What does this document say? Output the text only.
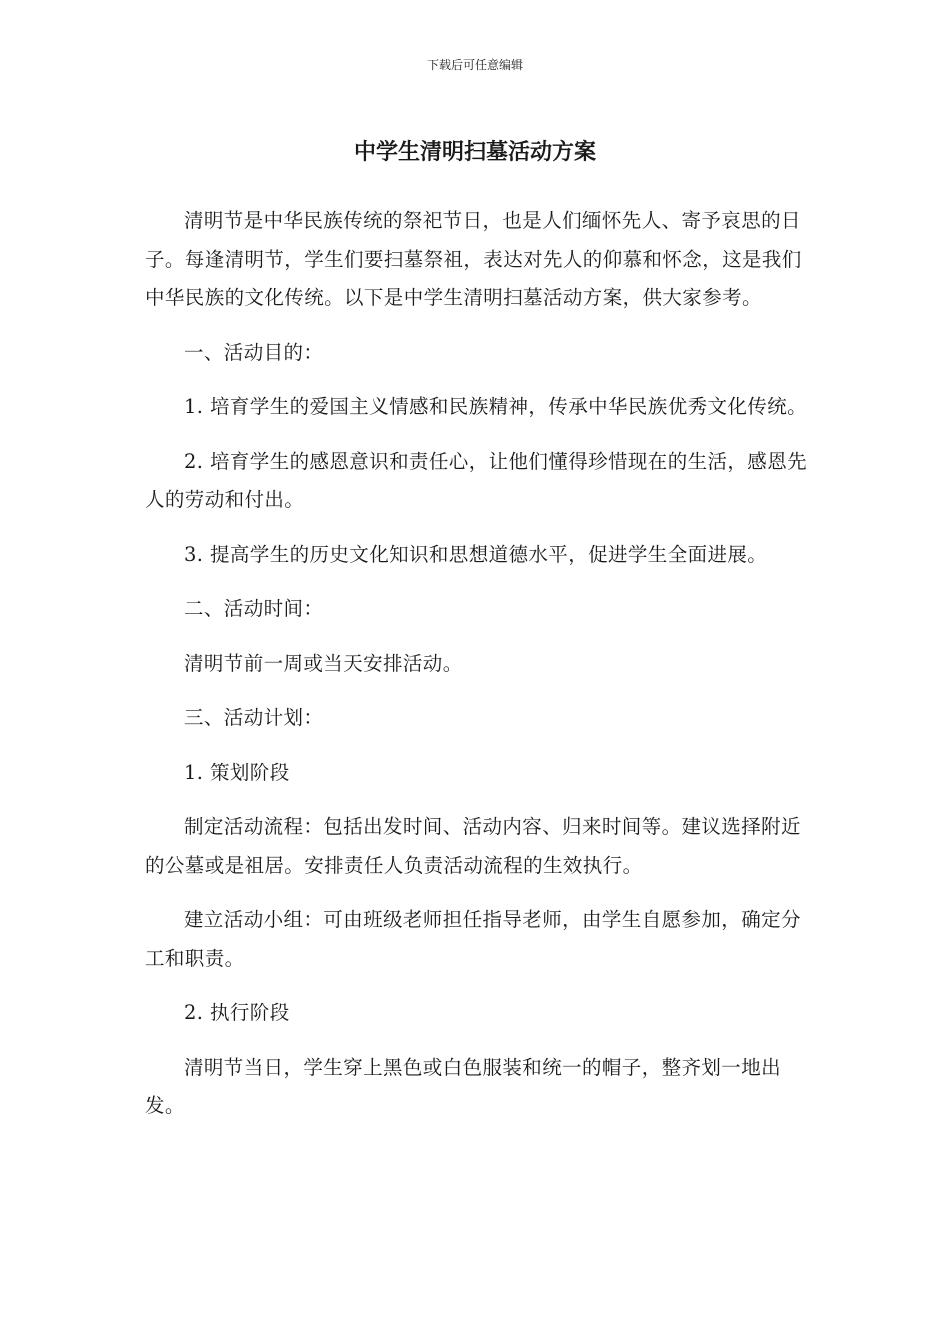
下载后可任意编辑
中学生清明扫墓活动方案

清明节是中华民族传统的祭祀节日，也是人们缅怀先人、寄予哀思的日子。每逢清明节，学生们要扫墓祭祖，表达对先人的仰慕和怀念，这是我们中华民族的文化传统。以下是中学生清明扫墓活动方案，供大家参考。

一、活动目的：

1. 培育学生的爱国主义情感和民族精神，传承中华民族优秀文化传统。

2. 培育学生的感恩意识和责任心，让他们懂得珍惜现在的生活，感恩先人的劳动和付出。

3. 提高学生的历史文化知识和思想道德水平，促进学生全面进展。

二、活动时间：

清明节前一周或当天安排活动。

三、活动计划：

1. 策划阶段

制定活动流程：包括出发时间、活动内容、归来时间等。建议选择附近的公墓或是祖居。安排责任人负责活动流程的生效执行。

建立活动小组：可由班级老师担任指导老师，由学生自愿参加，确定分工和职责。

2. 执行阶段

清明节当日，学生穿上黑色或白色服装和统一的帽子，整齐划一地出发。
